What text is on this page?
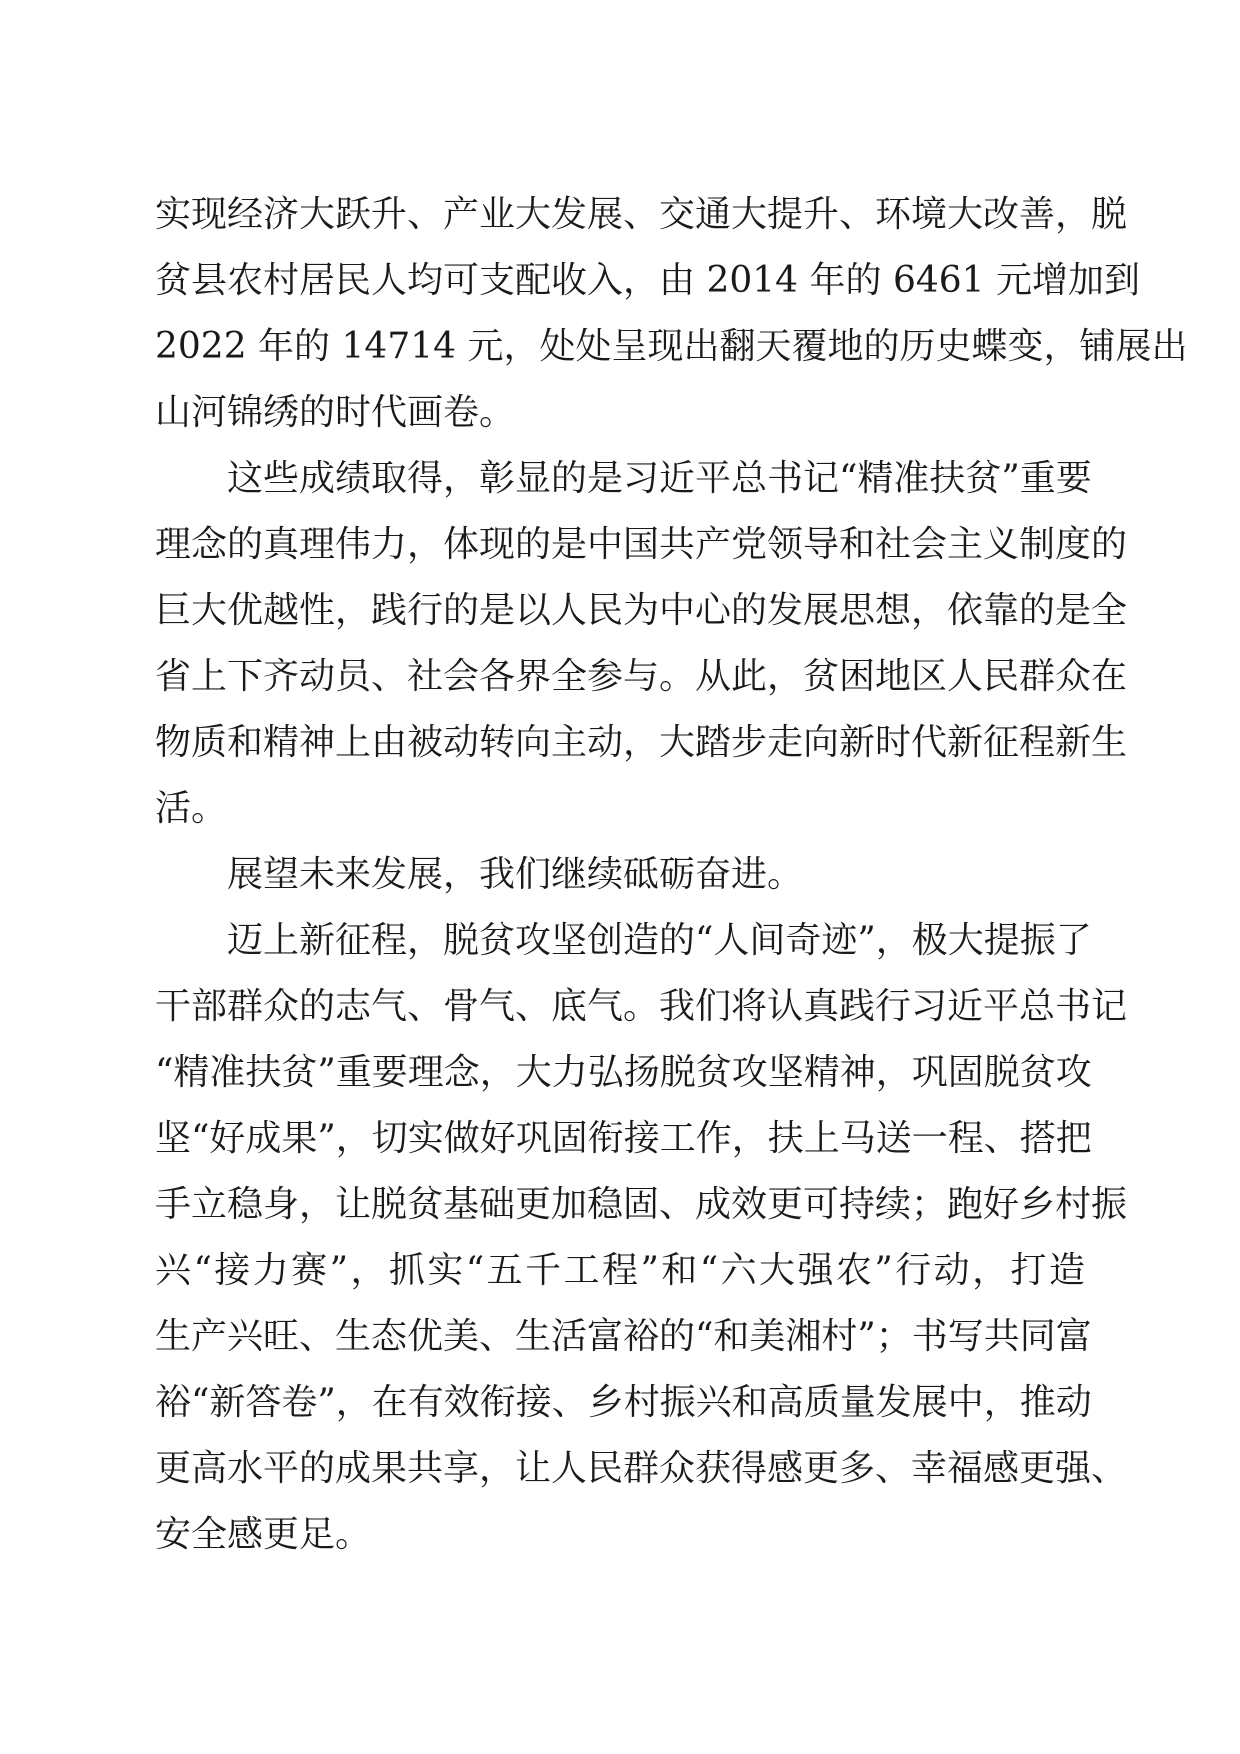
实现经济大跃升、产业大发展、交通大提升、环境大改善，脱
贫县农村居民人均可支配收入，由 2014 年的 6461 元增加到
2022 年的 14714 元，处处呈现出翻天覆地的历史蝶变，铺展出
山河锦绣的时代画卷。
这些成绩取得，彰显的是习近平总书记“精准扶贫”重要
理念的真理伟力，体现的是中国共产党领导和社会主义制度的
巨大优越性，践行的是以人民为中心的发展思想，依靠的是全
省上下齐动员、社会各界全参与。从此，贫困地区人民群众在
物质和精神上由被动转向主动，大踏步走向新时代新征程新生
活。
展望未来发展，我们继续砥砺奋进。
迈上新征程，脱贫攻坚创造的“人间奇迹”，极大提振了
干部群众的志气、骨气、底气。我们将认真践行习近平总书记
“精准扶贫”重要理念，大力弘扬脱贫攻坚精神，巩固脱贫攻
坚“好成果”，切实做好巩固衔接工作，扶上马送一程、搭把
手立稳身，让脱贫基础更加稳固、成效更可持续；跑好乡村振
兴“接力赛”，抓实“五千工程”和“六大强农”行动，打造
生产兴旺、生态优美、生活富裕的“和美湘村”；书写共同富
裕“新答卷”，在有效衔接、乡村振兴和高质量发展中，推动
更高水平的成果共享，让人民群众获得感更多、幸福感更强、
安全感更足。
